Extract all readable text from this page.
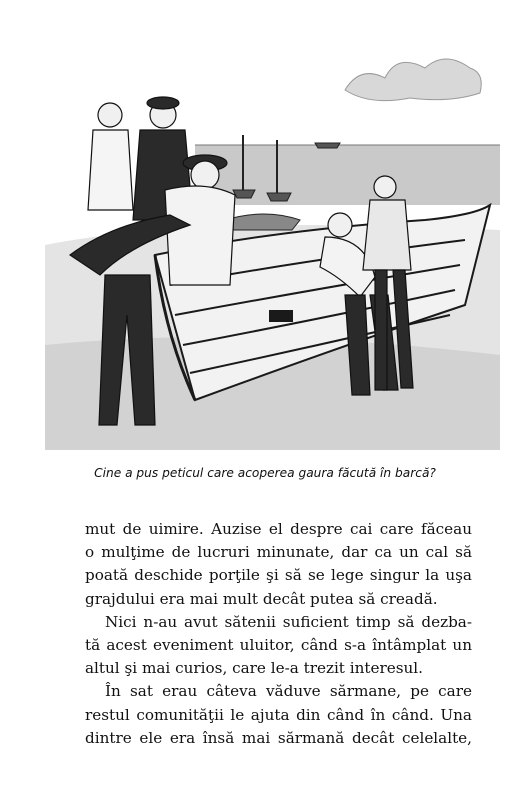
Cine a pus peticul care acoperea gaura făcută în barcă?
mut de uimire. Auzise el despre cai care făceau
o mulţime de lucruri minunate, dar ca un cal să
poată deschide porţile şi să se lege singur la uşa
grajdului era mai mult decât putea să creadă.
Nici n-au avut sătenii suficient timp să dezba-
tă acest eveniment uluitor, când s-a întâmplat un
altul şi mai curios, care le-a trezit interesul.
În sat erau câteva văduve sărmane, pe care
restul comunităţii le ajuta din când în când. Una
dintre ele era însă mai sărmană decât celelalte,
